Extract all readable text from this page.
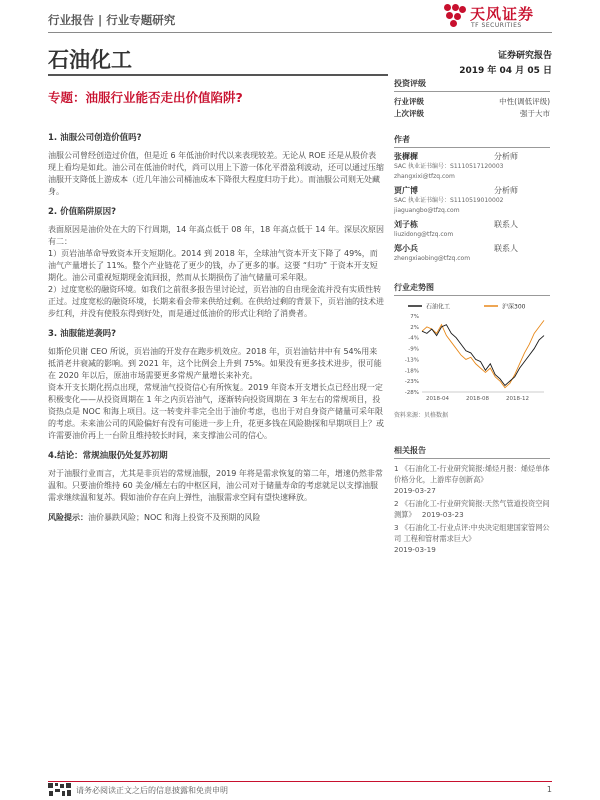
行业报告 | 行业专题研究	天风证券
TF SECURITIES
石油化工	证券研究报告
2019 年 04 月 05 日
专题：油服行业能否走出价值陷阱?
1. 油服公司创造价值吗?

油服公司曾经创造过价值，但是近 6 年低油价时代以来表现较差。无论从 ROE 还是从股价表现上看均是如此。油公司在低油价时代，尚可以用上下游一体化平滑盈利波动，还可以通过压缩油服开支降低上游成本（近几年油公司桶油成本下降很大程度归功于此）。而油服公司则无处藏身。

2. 价值陷阱原因?

表面原因是油价处在大的下行周期，14 年高点低于 08 年，18 年高点低于 14 年。深层次原因有二：

1）页岩油革命导致资本开支短期化。2014 到 2018 年，全球油气资本开支下降了 49%，而油气产量增长了 11%。整个产业链花了更少的钱，办了更多的事。这要 “归功” 于资本开支短期化。油公司重视短期现金流回报，然而从长期损伤了油气储量可采年限。

2）过度宽松的融资环境。如我们之前很多报告里讨论过，页岩油的自由现金流并没有实质性转正过。过度宽松的融资环境，长期来看会带来供给过剩。在供给过剩的背景下，页岩油的技术进步红利，并没有使股东得到好处，而是通过低油价的形式让利给了消费者。

3. 油服能逆袭吗?

如斯伦贝谢 CEO 所说，页岩油的开发存在跑步机效应。2018 年，页岩油钻井中有 54%用来抵消老井衰减的影响。到 2021 年，这个比例会上升到 75%。如果没有更多技术进步，很可能在 2020 年以后，原油市场需要更多常规产量增长来补充。

资本开支长期化拐点出现，常规油气投资信心有所恢复。2019 年资本开支增长点已经出现一定积极变化——从投资周期在 1 年之内页岩油气，逐渐转向投资周期在 3 年左右的常规项目，投资热点是 NOC 和海上项目。这一转变并非完全出于油价考虑，也出于对自身资产储量可采年限的考虑。未来油公司的风险偏好有没有可能进一步上升，花更多钱在风险勘探和早期项目上？或许需要油价再上一台阶且维持较长时间，来支撑油公司的信心。

4.结论：常规油服仍处复苏初期

对于油服行业而言，尤其是非页岩的常规油服，2019 年将是需求恢复的第二年，增速仍然非常温和。只要油价维持 60 美金/桶左右的中枢区间，油公司对于储量寿命的考虑就足以支撑油服需求继续温和复苏。假如油价存在向上弹性，油服需求空间有望快速释放。

风险提示：油价暴跌风险；NOC 和海上投资不及预期的风险
投资评级
行业评级	中性(调低评级)
上次评级	强于大市
作者
张樨樨	分析师
SAC 执业证书编号：S1110517120003
zhangxixi@tfzq.com
贾广博	分析师
SAC 执业证书编号：S1110519010002
jiaguangbo@tfzq.com
刘子栋	联系人
liuzidong@tfzq.com
郑小兵	联系人
zhengxiaobing@tfzq.com
行业走势图
石油化工	沪深300
7%
2%
-4%
-9%
-13%
-18%
-23%
-28%
2018-04	2018-08	2018-12
资料来源：贝格数据
相关报告
1 《石油化工-行业研究简报:烯烃月报：烯烃单体价格分化，上游库存创新高》
2019-03-27
2 《石油化工-行业研究简报:天然气管道投资空间测算》 2019-03-23
3 《石油化工-行业点评:中央决定组建国家管网公司 工程和管材需求巨大》
2019-03-19
请务必阅读正文之后的信息披露和免责申明	1
